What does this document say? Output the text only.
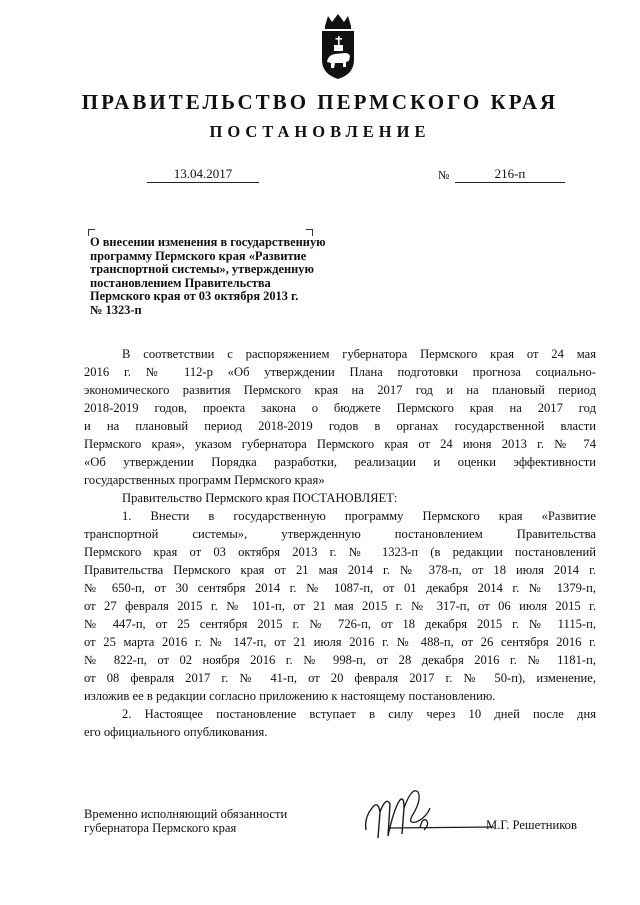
ПРАВИТЕЛЬСТВО ПЕРМСКОГО КРАЯ
ПОСТАНОВЛЕНИЕ
13.04.2017	№	216-п
О внесении изменения в государственную
программу Пермского края «Развитие
транспортной системы», утвержденную
постановлением Правительства
Пермского края от 03 октября 2013 г.
№ 1323-п

В соответствии с распоряжением губернатора Пермского края от 24 мая

2016 г. № 112-р «Об утверждении Плана подготовки прогноза социально-

экономического развития Пермского края на 2017 год и на плановый период

2018-2019 годов, проекта закона о бюджете Пермского края на 2017 год

и на плановый период 2018-2019 годов в органах государственной власти

Пермского края», указом губернатора Пермского края от 24 июня 2013 г. № 74

«Об утверждении Порядка разработки, реализации и оценки эффективности

государственных программ Пермского края»

Правительство Пермского края ПОСТАНОВЛЯЕТ:

1. Внести в государственную программу Пермского края «Развитие

транспортной системы», утвержденную постановлением Правительства

Пермского края от 03 октября 2013 г. № 1323-п (в редакции постановлений

Правительства Пермского края от 21 мая 2014 г. № 378-п, от 18 июля 2014 г.

№ 650-п, от 30 сентября 2014 г. № 1087-п, от 01 декабря 2014 г. № 1379-п,

от 27 февраля 2015 г. № 101-п, от 21 мая 2015 г. № 317-п, от 06 июля 2015 г.

№ 447-п, от 25 сентября 2015 г. № 726-п, от 18 декабря 2015 г. № 1115-п,

от 25 марта 2016 г. № 147-п, от 21 июля 2016 г. № 488-п, от 26 сентября 2016 г.

№ 822-п, от 02 ноября 2016 г. № 998-п, от 28 декабря 2016 г. № 1181-п,

от 08 февраля 2017 г. № 41-п, от 20 февраля 2017 г. № 50-п), изменение,

изложив ее в редакции согласно приложению к настоящему постановлению.

2. Настоящее постановление вступает в силу через 10 дней после дня

его официального опубликования.

Временно исполняющий обязанности
губернатора Пермского края	М.Г. Решетников
